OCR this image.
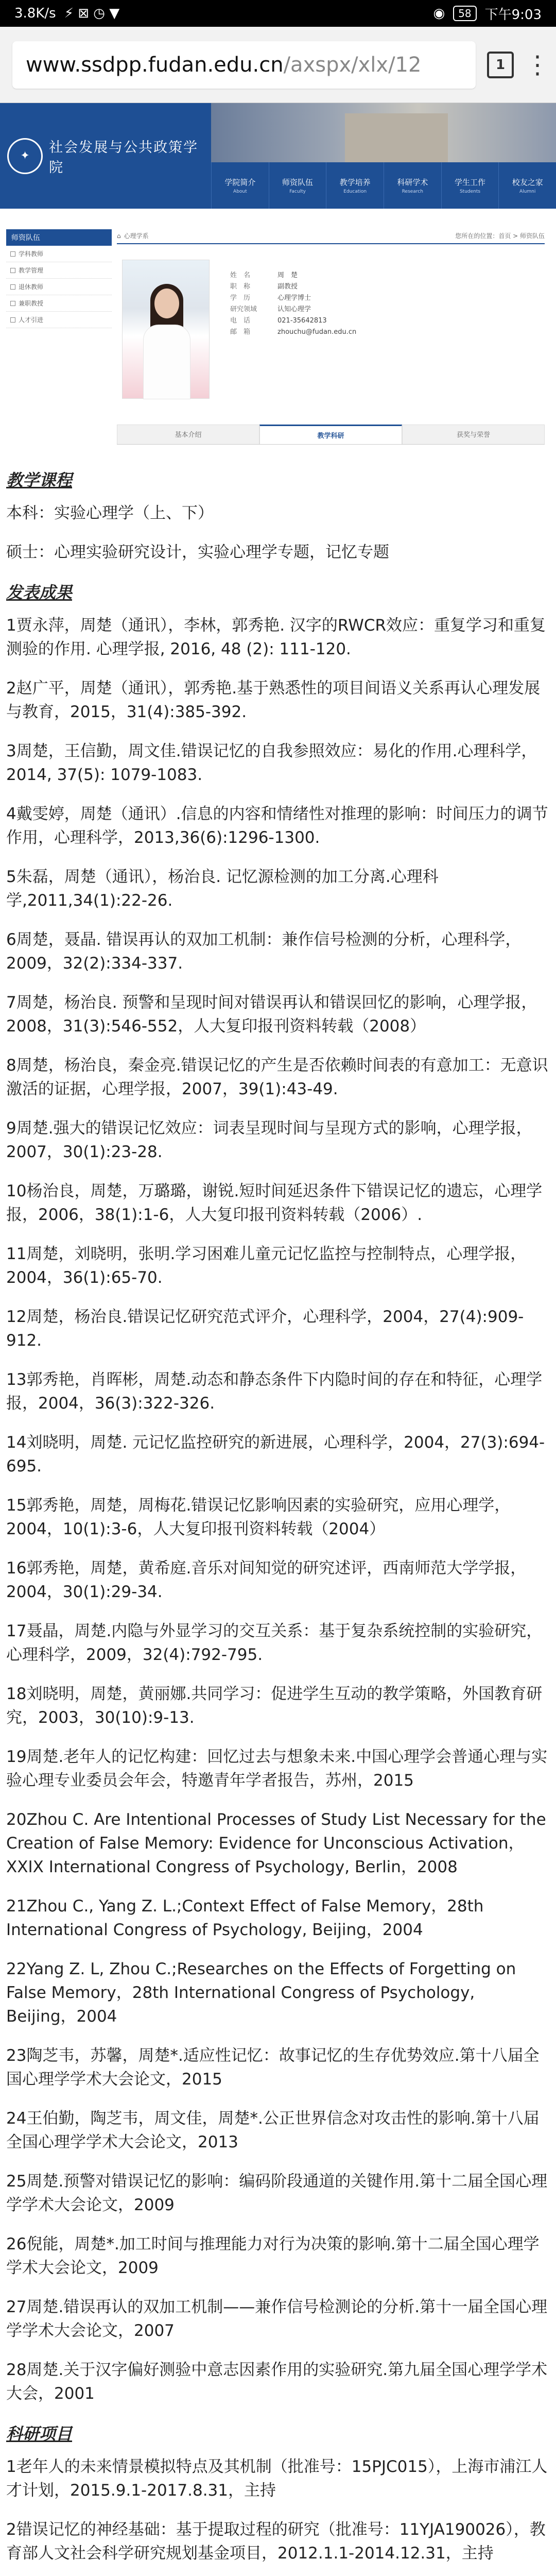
3.8K/s ⚡ ⊠ ◷ ▼	◉	58	下午9:03
www.ssdpp.fudan.edu.cn /axspx/xlx/12	1 ⋮
✦
社会发展与公共政策学院
学院简介
About
师资队伍
Faculty
教学培养
Education
科研学术
Research
学生工作
Students
校友之家
Alumni
师资队伍
学科教师
教学管理
退休教师
兼职教授
人才引进
⌂ 心理学系	您所在的位置：首页 > 师资队伍
姓　名	周　楚
职　称	副教授
学　历	心理学博士
研究领域	认知心理学
电　话	021-35642813
邮　箱	zhouchu@fudan.edu.cn
基本介绍	教学科研	获奖与荣誉
教学课程
本科：实验心理学（上、下）
硕士：心理实验研究设计，实验心理学专题，记忆专题
发表成果
1贾永萍，周楚（通讯），李林，郭秀艳. 汉字的RWCR效应：重复学习和重复测验的作用. 心理学报, 2016, 48 (2): 111-120.
2赵广平，周楚（通讯），郭秀艳.基于熟悉性的项目间语义关系再认心理发展与教育，2015，31(4):385-392.
3周楚，王信勤，周文佳.错误记忆的自我参照效应：易化的作用.心理科学，2014, 37(5): 1079-1083.
4戴雯婷，周楚（通讯）.信息的内容和情绪性对推理的影响：时间压力的调节作用，心理科学，2013,36(6):1296-1300.
5朱磊，周楚（通讯），杨治良. 记忆源检测的加工分离.心理科学,2011,34(1):22-26.
6周楚，聂晶. 错误再认的双加工机制：兼作信号检测的分析，心理科学，2009，32(2):334-337.
7周楚，杨治良. 预警和呈现时间对错误再认和错误回忆的影响，心理学报，2008，31(3):546-552，人大复印报刊资料转载（2008）
8周楚，杨治良，秦金亮.错误记忆的产生是否依赖时间表的有意加工：无意识激活的证据，心理学报，2007，39(1):43-49.
9周楚.强大的错误记忆效应：词表呈现时间与呈现方式的影响，心理学报，2007，30(1):23-28.
10杨治良，周楚，万璐璐，谢锐.短时间延迟条件下错误记忆的遗忘，心理学报，2006，38(1):1-6，人大复印报刊资料转载（2006）.
11周楚，刘晓明，张明.学习困难儿童元记忆监控与控制特点，心理学报，2004，36(1):65-70.
12周楚，杨治良.错误记忆研究范式评介，心理科学，2004，27(4):909-912.
13郭秀艳，肖晖彬，周楚.动态和静态条件下内隐时间的存在和特征，心理学报，2004，36(3):322-326.
14刘晓明，周楚. 元记忆监控研究的新进展，心理科学，2004，27(3):694-695.
15郭秀艳，周楚，周梅花.错误记忆影响因素的实验研究，应用心理学，2004，10(1):3-6，人大复印报刊资料转载（2004）
16郭秀艳，周楚，黄希庭.音乐对间知觉的研究述评，西南师范大学学报，2004，30(1):29-34.
17聂晶，周楚.内隐与外显学习的交互关系：基于复杂系统控制的实验研究，心理科学，2009，32(4):792-795.
18刘晓明，周楚，黄丽娜.共同学习：促进学生互动的教学策略，外国教育研究，2003，30(10):9-13.
19周楚.老年人的记忆构建：回忆过去与想象未来.中国心理学会普通心理与实验心理专业委员会年会，特邀青年学者报告，苏州，2015
20Zhou C. Are Intentional Processes of Study List Necessary for the Creation of False Memory: Evidence for Unconscious Activation，XXIX International Congress of Psychology, Berlin，2008
21Zhou C., Yang Z. L.;Context Effect of False Memory，28th International Congress of Psychology, Beijing，2004
22Yang Z. L, Zhou C.;Researches on the Effects of Forgetting on False Memory，28th International Congress of Psychology, Beijing，2004
23陶芝韦，苏馨，周楚*.适应性记忆：故事记忆的生存优势效应.第十八届全国心理学学术大会论文，2015
24王伯勤，陶芝韦，周文佳，周楚*.公正世界信念对攻击性的影响.第十八届全国心理学学术大会论文，2013
25周楚.预警对错误记忆的影响：编码阶段通道的关键作用.第十二届全国心理学学术大会论文，2009
26倪能，周楚*.加工时间与推理能力对行为决策的影响.第十二届全国心理学学术大会论文，2009
27周楚.错误再认的双加工机制——兼作信号检测论的分析.第十一届全国心理学学术大会论文，2007
28周楚.关于汉字偏好测验中意志因素作用的实验研究.第九届全国心理学学术大会，2001
科研项目
1老年人的未来情景模拟特点及其机制（批准号：15PJC015），上海市浦江人才计划，2015.9.1-2017.8.31，主持
2错误记忆的神经基础：基于提取过程的研究（批准号：11YJA190026），教育部人文社会科学研究规划基金项目，2012.1.1-2014.12.31，主持
